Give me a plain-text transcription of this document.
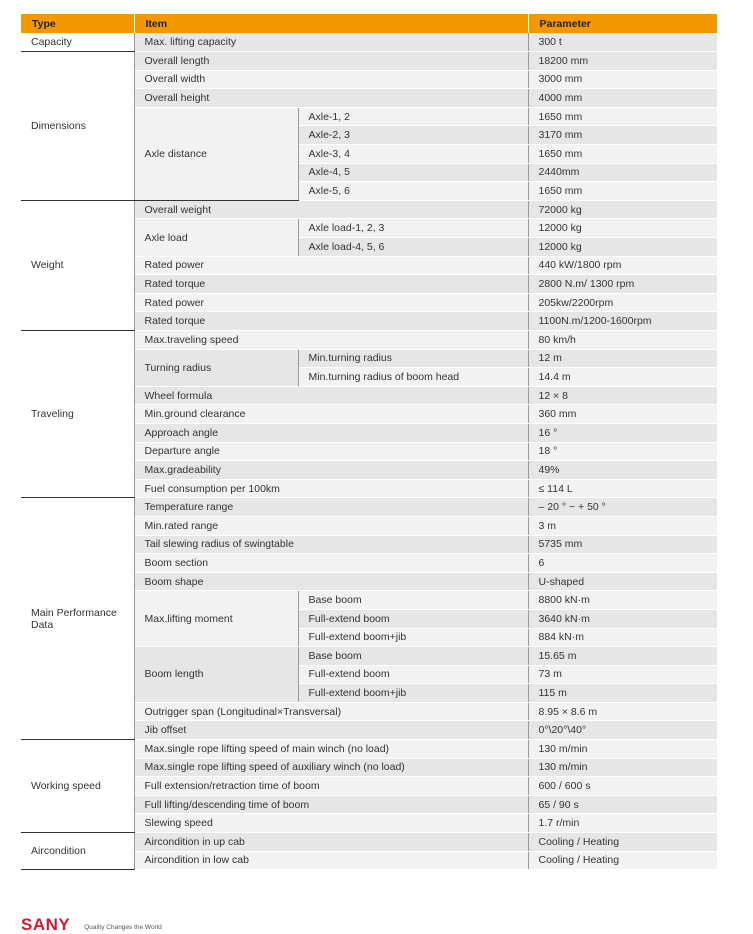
Type	Item		Parameter
Capacity	Max. lifting capacity		300 t
Dimensions	Overall length		18200 mm
	Overall width		3000 mm
	Overall height		4000 mm
	Axle distance	Axle-1, 2	1650 mm
		Axle-2, 3	3170 mm
		Axle-3, 4	1650 mm
		Axle-4, 5	2440mm
		Axle-5, 6	1650 mm
Weight	Overall weight		72000 kg
	Axle load	Axle load-1, 2, 3	12000 kg
		Axle load-4, 5, 6	12000 kg
	Rated power		440 kW/1800 rpm
	Rated torque		2800 N.m/ 1300 rpm
	Rated power		205kw/2200rpm
	Rated torque		1100N.m/1200-1600rpm
Traveling	Max.traveling speed		80 km/h
	Turning radius	Min.turning radius	12 m
		Min.turning radius of boom head	14.4 m
	Wheel formula		12 × 8
	Min.ground clearance		360 mm
	Approach angle		16 °
	Departure angle		18 °
	Max.gradeability		49%
	Fuel consumption per 100km		≤ 114 L
Main Performance Data	Temperature range		– 20 ° ~ + 50 °
	Min.rated range		3 m
	Tail slewing radius of swingtable		5735 mm
	Boom section		6
	Boom shape		U-shaped
	Max.lifting moment	Base boom	8800 kN·m
		Full-extend boom	3640 kN·m
		Full-extend boom+jib	884 kN·m
	Boom length	Base boom	15.65 m
		Full-extend boom	73 m
		Full-extend boom+jib	115 m
	Outrigger span (Longitudinal×Transversal)		8.95 × 8.6 m
	Jib offset		0°\20°\40°
Working speed	Max.single rope lifting speed of main winch (no load)		130 m/min
	Max.single rope lifting speed of auxiliary winch (no load)		130 m/min
	Full extension/retraction time of boom		600 / 600 s
	Full lifting/descending time of boom		65 / 90 s
	Slewing speed		1.7 r/min
Aircondition	Aircondition in up cab		Cooling / Heating
	Aircondition in low cab		Cooling / Heating
SANY Quality Changes the World
